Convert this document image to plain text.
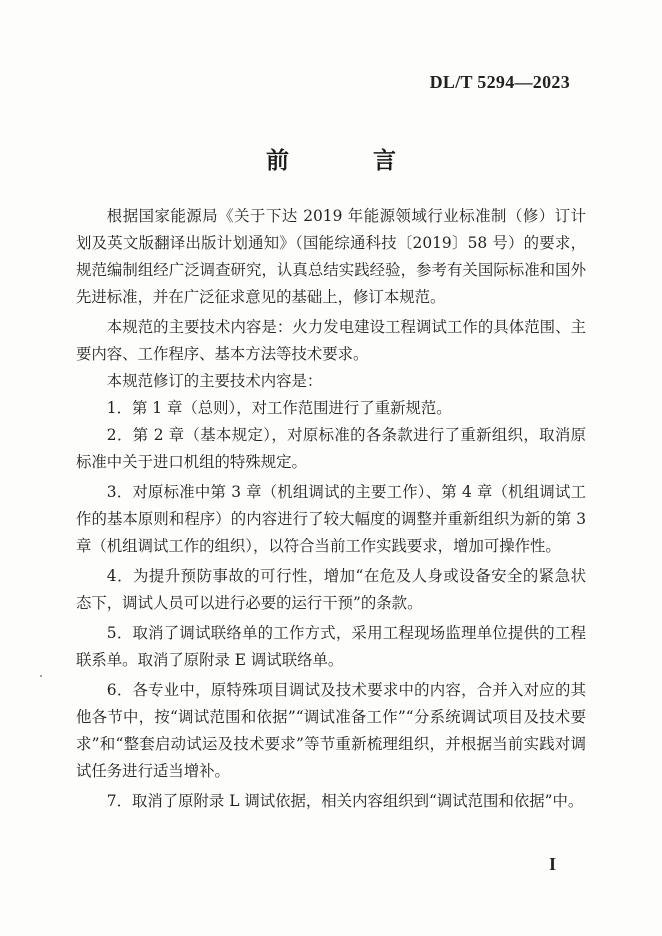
DL/T 5294—2023
前 言

根据国家能源局《关于下达 2019 年能源领域行业标准制（修）订计划及英文版翻译出版计划通知》（国能综通科技〔2019〕58 号）的要求，规范编制组经广泛调查研究，认真总结实践经验，参考有关国际标准和国外先进标准，并在广泛征求意见的基础上，修订本规范。

本规范的主要技术内容是：火力发电建设工程调试工作的具体范围、主要内容、工作程序、基本方法等技术要求。

本规范修订的主要技术内容是：

1．第 1 章（总则），对工作范围进行了重新规范。

2．第 2 章（基本规定），对原标准的各条款进行了重新组织，取消原标准中关于进口机组的特殊规定。

3．对原标准中第 3 章（机组调试的主要工作）、第 4 章（机组调试工作的基本原则和程序）的内容进行了较大幅度的调整并重新组织为新的第 3 章（机组调试工作的组织），以符合当前工作实践要求，增加可操作性。

4．为提升预防事故的可行性，增加“在危及人身或设备安全的紧急状态下，调试人员可以进行必要的运行干预”的条款。

5．取消了调试联络单的工作方式，采用工程现场监理单位提供的工程联系单。取消了原附录 E 调试联络单。

6．各专业中，原特殊项目调试及技术要求中的内容，合并入对应的其他各节中，按“调试范围和依据”“调试准备工作”“分系统调试项目及技术要求”和“整套启动试运及技术要求”等节重新梳理组织，并根据当前实践对调试任务进行适当增补。

7．取消了原附录 L 调试依据，相关内容组织到“调试范围和依据”中。

I
